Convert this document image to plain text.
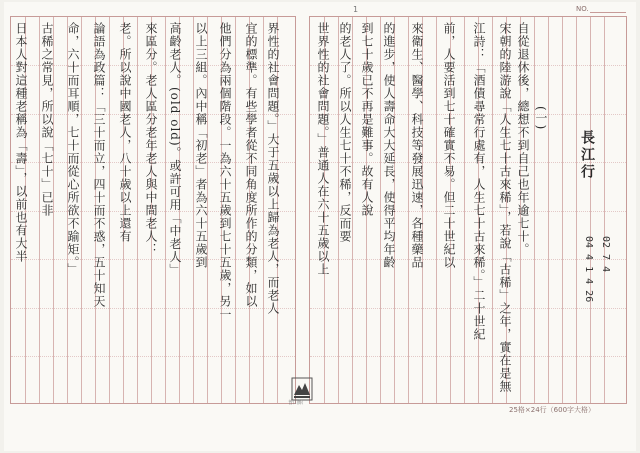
1	NO.
長江行
(一)
02 7 4
04 4 1 4 26
自從退休後，總想不到自己也年逾七十。
宋朝的陸游說「人生七十古來稀」，若說「古稀」之年，實在是無
江詩：「酒債尋常行處有，人生七十古來稀。」二十世紀
前，人要活到七十確實不易。但二十世紀以
來衛生、醫學、科技等發展迅速，各種藥品
的進步，使人壽命大大延長，使得平均年齡
到七十歲已不再是難事。故有人說
的老人了。所以人生七十不稀，反而要
世界性的社會問題。」普通人在六十五歲以上
界性的社會問題。」大于五歲以上歸為老人，而老人
宜的標準。有些學者從不同角度所作的分類，如以
他們分為兩個階段。一為六十五歲到七十五歲，另一
以上三組。內中稱「初老」者為六十五歲到
高齡老人。(old old)。或許可用「中老人」
來區分。老人區分老年老人與中間老人：
老。所以說中國老人，八十歲以上還有
論語為政篇：「三十而立，四十而不惑，五十知天
命，六十而耳順，七十而從心所欲不踰矩。」
古稀之常見，所以說「七十」已非
日本人對這種老稱為「壽」，以前也有大半
普山館
25格×24行（600字大格）
